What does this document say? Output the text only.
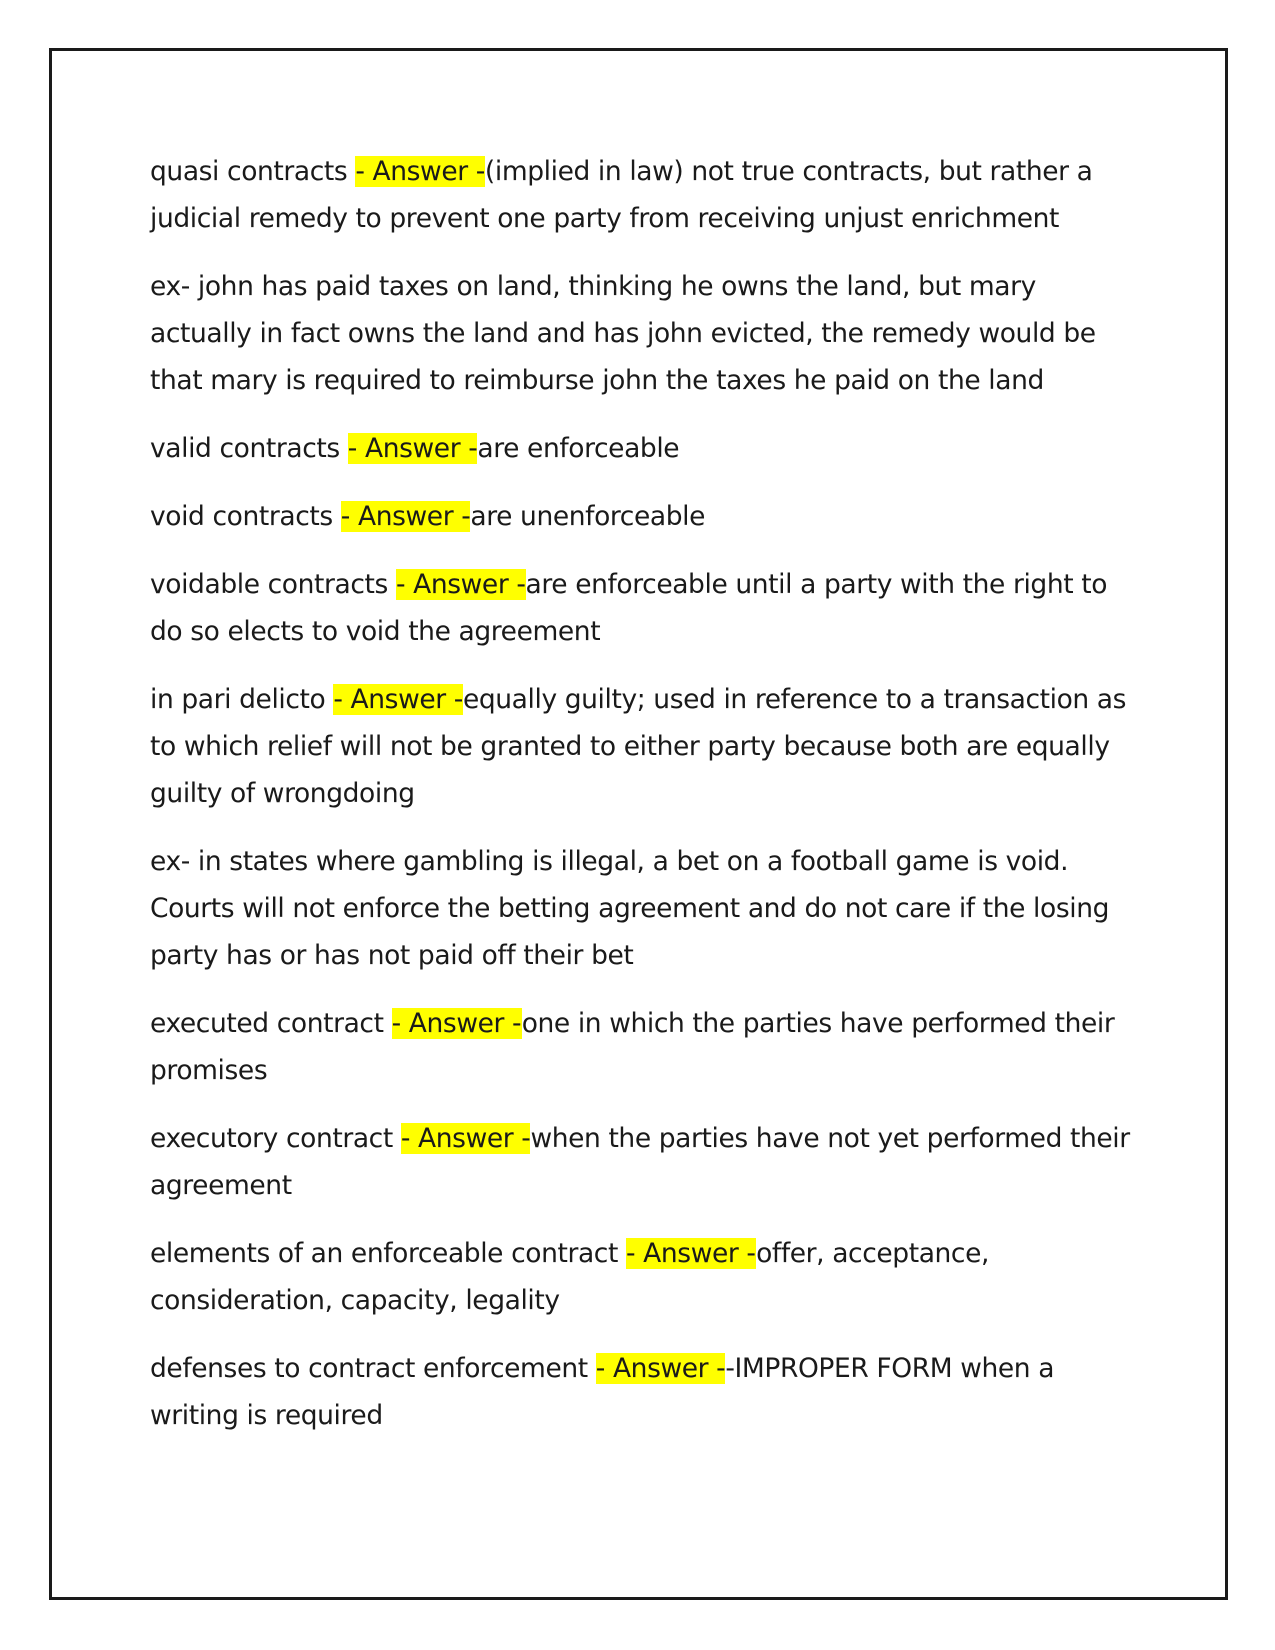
quasi contracts - Answer -(implied in law) not true contracts, but rather a judicial remedy to prevent one party from receiving unjust enrichment

ex- john has paid taxes on land, thinking he owns the land, but mary actually in fact owns the land and has john evicted, the remedy would be that mary is required to reimburse john the taxes he paid on the land

valid contracts - Answer -are enforceable

void contracts - Answer -are unenforceable

voidable contracts - Answer -are enforceable until a party with the right to do so elects to void the agreement

in pari delicto - Answer -equally guilty; used in reference to a transaction as to which relief will not be granted to either party because both are equally guilty of wrongdoing

ex- in states where gambling is illegal, a bet on a football game is void. Courts will not enforce the betting agreement and do not care if the losing party has or has not paid off their bet

executed contract - Answer -one in which the parties have performed their promises

executory contract - Answer -when the parties have not yet performed their agreement

elements of an enforceable contract - Answer -offer, acceptance, consideration, capacity, legality

defenses to contract enforcement - Answer --IMPROPER FORM when a writing is required
